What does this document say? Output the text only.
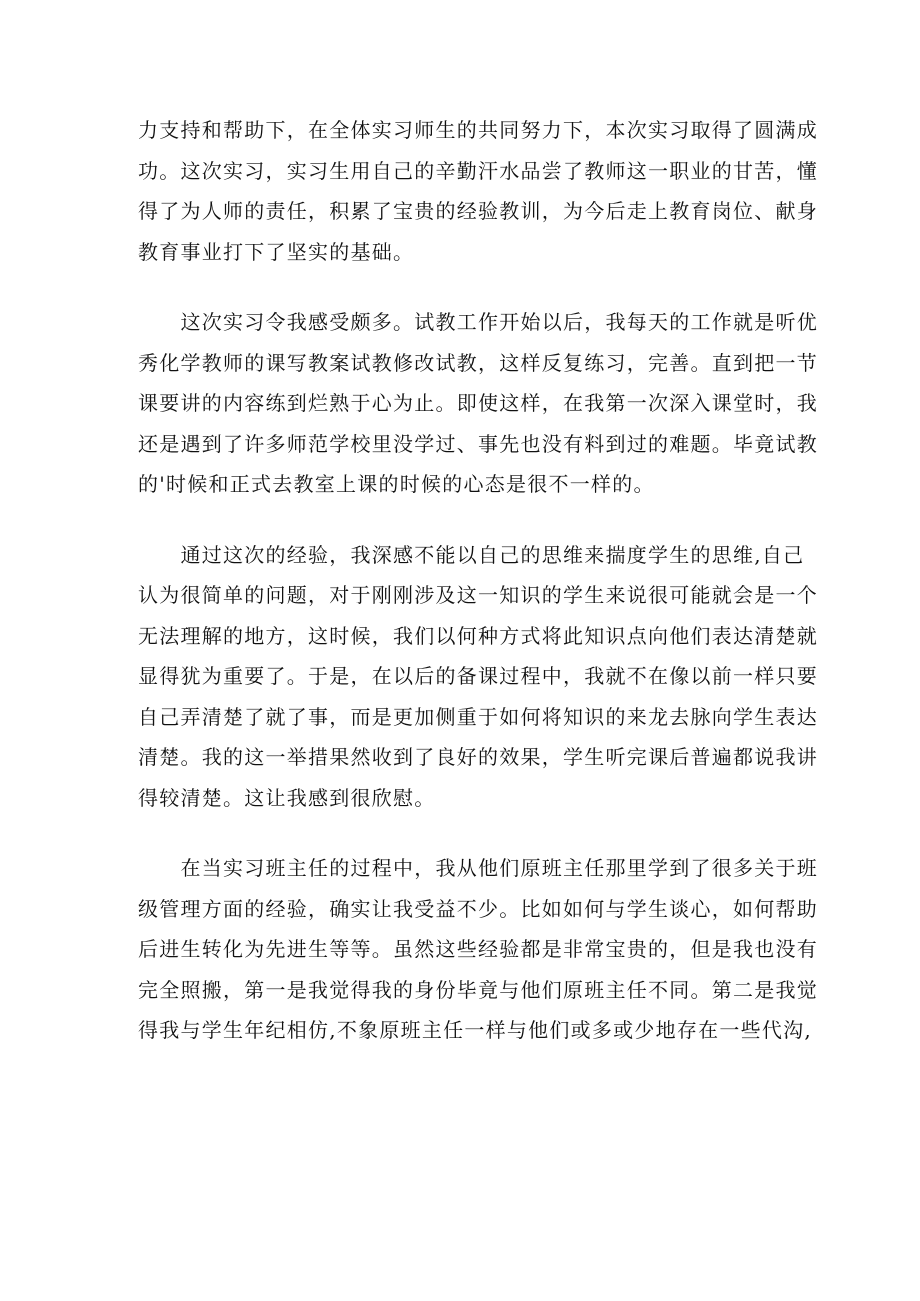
力支持和帮助下，在全体实习师生的共同努力下，本次实习取得了圆满成
功。这次实习，实习生用自己的辛勤汗水品尝了教师这一职业的甘苦，懂
得了为人师的责任，积累了宝贵的经验教训，为今后走上教育岗位、献身
教育事业打下了坚实的基础。

　　这次实习令我感受颇多。试教工作开始以后，我每天的工作就是听优
秀化学教师的课写教案试教修改试教，这样反复练习，完善。直到把一节
课要讲的内容练到烂熟于心为止。即使这样，在我第一次深入课堂时，我
还是遇到了许多师范学校里没学过、事先也没有料到过的难题。毕竟试教
的'时候和正式去教室上课的时候的心态是很不一样的。

　　通过这次的经验，我深感不能以自己的思维来揣度学生的思维,自己
认为很简单的问题，对于刚刚涉及这一知识的学生来说很可能就会是一个
无法理解的地方，这时候，我们以何种方式将此知识点向他们表达清楚就
显得犹为重要了。于是，在以后的备课过程中，我就不在像以前一样只要
自己弄清楚了就了事，而是更加侧重于如何将知识的来龙去脉向学生表达
清楚。我的这一举措果然收到了良好的效果，学生听完课后普遍都说我讲
得较清楚。这让我感到很欣慰。

　　在当实习班主任的过程中，我从他们原班主任那里学到了很多关于班
级管理方面的经验，确实让我受益不少。比如如何与学生谈心，如何帮助
后进生转化为先进生等等。虽然这些经验都是非常宝贵的，但是我也没有
完全照搬，第一是我觉得我的身份毕竟与他们原班主任不同。第二是我觉
得我与学生年纪相仿,不象原班主任一样与他们或多或少地存在一些代沟,
